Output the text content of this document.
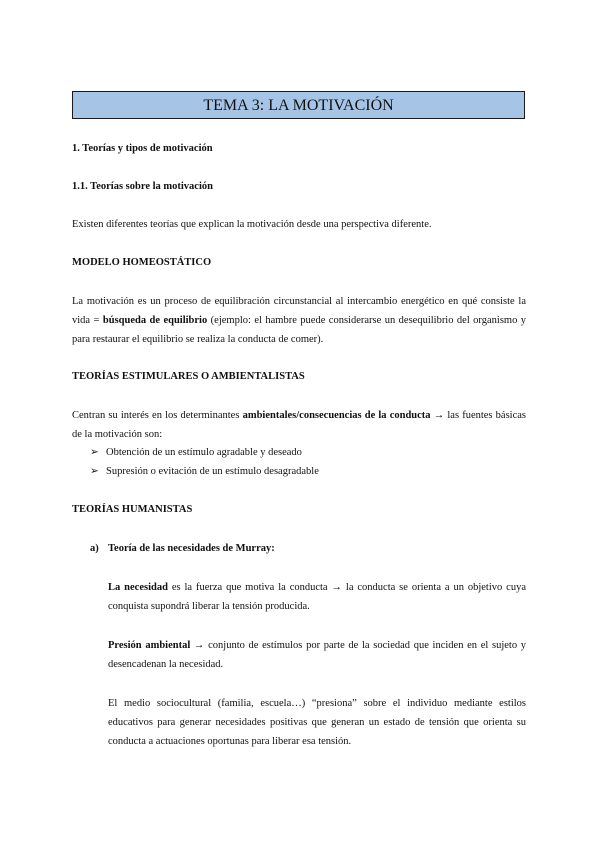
TEMA 3: LA MOTIVACIÓN
1. Teorías y tipos de motivación
1.1. Teorías sobre la motivación
Existen diferentes teorías que explican la motivación desde una perspectiva diferente.
MODELO HOMEOSTÁTICO
La motivación es un proceso de equilibración circunstancial al intercambio energético en qué consiste la vida = búsqueda de equilibrio (ejemplo: el hambre puede considerarse un desequilibrio del organismo y para restaurar el equilibrio se realiza la conducta de comer).
TEORÍAS ESTIMULARES O AMBIENTALISTAS
Centran su interés en los determinantes ambientales/consecuencias de la conducta → las fuentes básicas de la motivación son:
➢ Obtención de un estímulo agradable y deseado
➢ Supresión o evitación de un estímulo desagradable
TEORÍAS HUMANISTAS
a) Teoría de las necesidades de Murray:
La necesidad es la fuerza que motiva la conducta → la conducta se orienta a un objetivo cuya conquista supondrá liberar la tensión producida.
Presión ambiental → conjunto de estímulos por parte de la sociedad que inciden en el sujeto y desencadenan la necesidad.
El medio sociocultural (familia, escuela…) “presiona” sobre el individuo mediante estilos educativos para generar necesidades positivas que generan un estado de tensión que orienta su conducta a actuaciones oportunas para liberar esa tensión.
